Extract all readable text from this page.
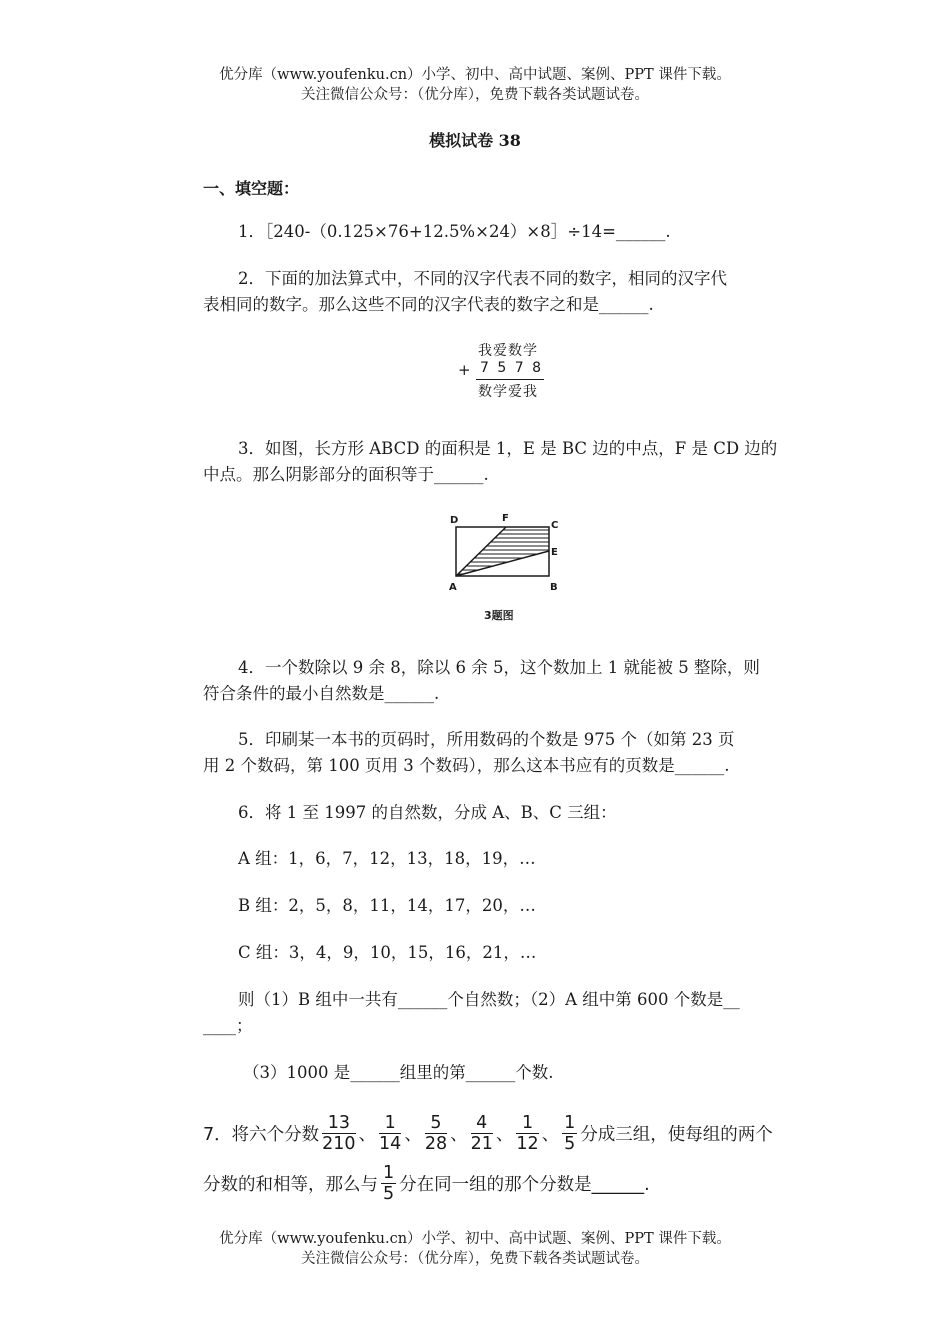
优分库（www.youfenku.cn）小学、初中、高中试题、案例、PPT 课件下载。
关注微信公众号：（优分库），免费下载各类试题试卷。
模拟试卷 38
一、填空题：
1．［240-（0.125×76+12.5%×24）×8］÷14=______.
2．下面的加法算式中，不同的汉字代表不同的数字，相同的汉字代
表相同的数字。那么这些不同的汉字代表的数字之和是______.
我爱数学
+ 7 5 7 8
数学爱我
3．如图，长方形 ABCD 的面积是 1，E 是 BC 边的中点，F 是 CD 边的
中点。那么阴影部分的面积等于______.
D	F
C
E
A	B
3题图
4．一个数除以 9 余 8，除以 6 余 5，这个数加上 1 就能被 5 整除，则
符合条件的最小自然数是______.
5．印刷某一本书的页码时，所用数码的个数是 975 个（如第 23 页
用 2 个数码，第 100 页用 3 个数码），那么这本书应有的页数是______.
6．将 1 至 1997 的自然数，分成 A、B、C 三组：
A 组：1，6，7，12，13，18，19，…
B 组：2，5，8，11，14，17，20，…
C 组：3，4，9，10，15，16，21，…
则（1）B 组中一共有______个自然数；（2）A 组中第 600 个数是__
____；
（3）1000 是______组里的第______个数.
7．将六个分数 $\frac{13}{210}$ 、 $\frac{1}{14}$ 、 $\frac{5}{28}$ 、 $\frac{4}{21}$ 、 $\frac{1}{12}$ 、 $\frac{1}{5}$ 分成三组，使每组的两个
分数的和相等，那么与 $\frac{1}{5}$ 分在同一组的那个分数是______.
优分库（www.youfenku.cn）小学、初中、高中试题、案例、PPT 课件下载。
关注微信公众号：（优分库），免费下载各类试题试卷。
